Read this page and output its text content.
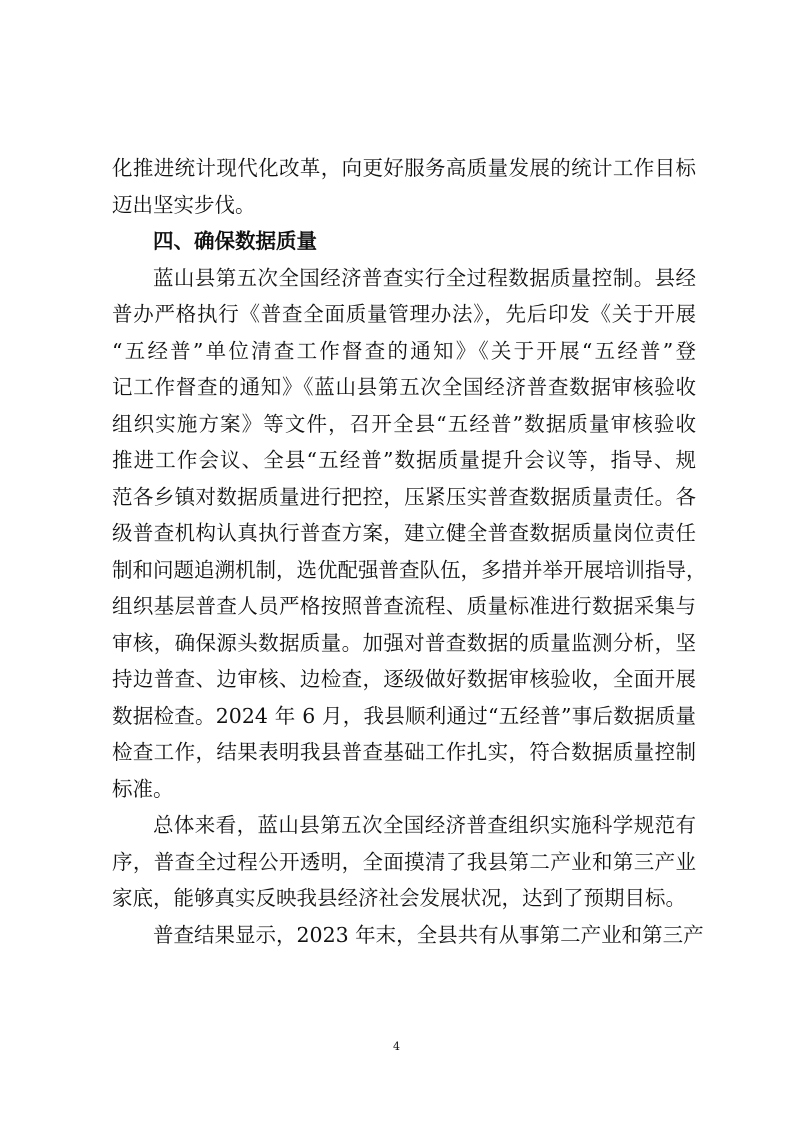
化推进统计现代化改革，向更好服务高质量发展的统计工作目标
迈出坚实步伐。
四、确保数据质量
蓝山县第五次全国经济普查实行全过程数据质量控制。县经
普办严格执行《普查全面质量管理办法》，先后印发《关于开展
“五经普”单位清查工作督查的通知》《关于开展“五经普”登
记工作督查的通知》《蓝山县第五次全国经济普查数据审核验收
组织实施方案》等文件，召开全县“五经普”数据质量审核验收
推进工作会议、全县“五经普”数据质量提升会议等，指导、规
范各乡镇对数据质量进行把控，压紧压实普查数据质量责任。各
级普查机构认真执行普查方案，建立健全普查数据质量岗位责任
制和问题追溯机制，选优配强普查队伍，多措并举开展培训指导，
组织基层普查人员严格按照普查流程、质量标准进行数据采集与
审核，确保源头数据质量。加强对普查数据的质量监测分析，坚
持边普查、边审核、边检查，逐级做好数据审核验收，全面开展
数据检查。2024 年 6 月，我县顺利通过“五经普”事后数据质量
检查工作，结果表明我县普查基础工作扎实，符合数据质量控制
标准。
总体来看，蓝山县第五次全国经济普查组织实施科学规范有
序，普查全过程公开透明，全面摸清了我县第二产业和第三产业
家底，能够真实反映我县经济社会发展状况，达到了预期目标。
普查结果显示，2023 年末，全县共有从事第二产业和第三产
4
